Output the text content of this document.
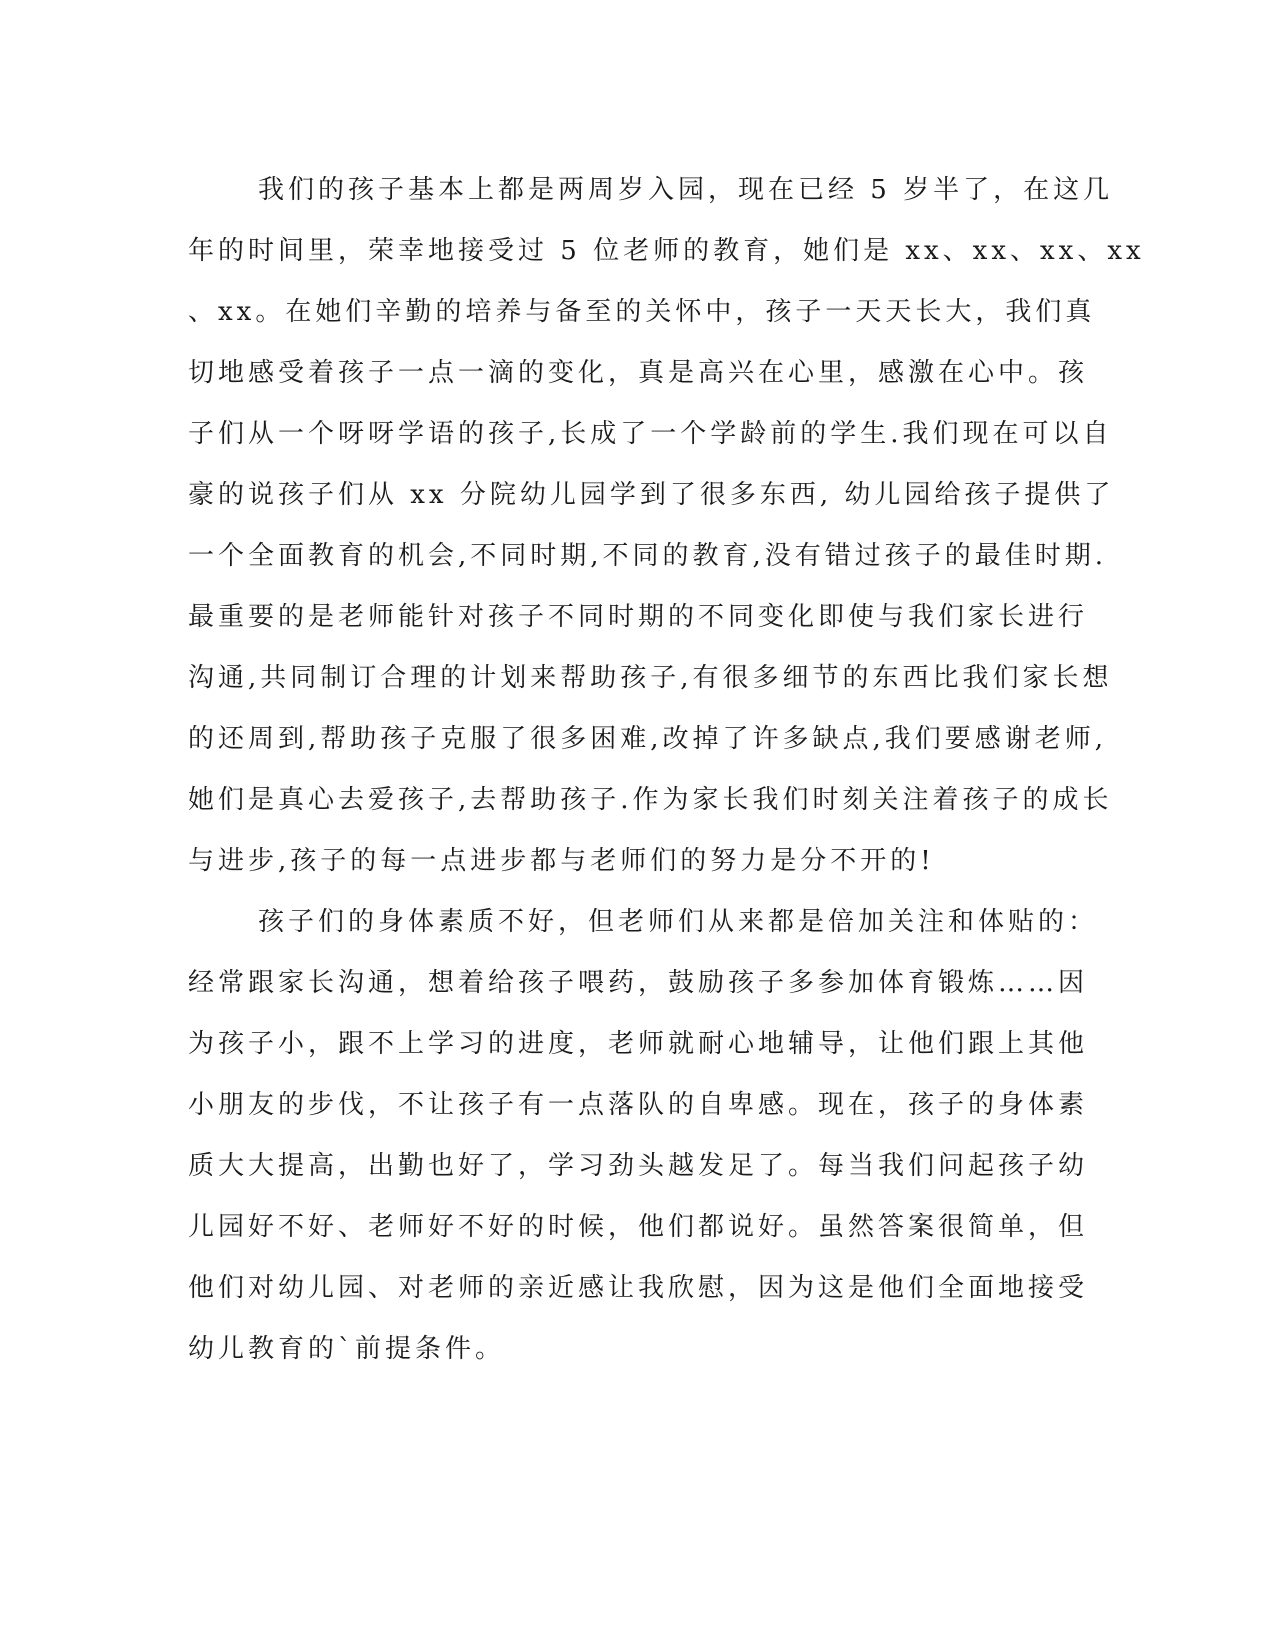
我们的孩子基本上都是两周岁入园，现在已经 5 岁半了，在这几
年的时间里，荣幸地接受过 5 位老师的教育，她们是 xx、xx、xx、xx
、xx。在她们辛勤的培养与备至的关怀中，孩子一天天长大，我们真
切地感受着孩子一点一滴的变化，真是高兴在心里，感激在心中。孩
子们从一个呀呀学语的孩子,长成了一个学龄前的学生.我们现在可以自
豪的说孩子们从 xx 分院幼儿园学到了很多东西, 幼儿园给孩子提供了
一个全面教育的机会,不同时期,不同的教育,没有错过孩子的最佳时期.
最重要的是老师能针对孩子不同时期的不同变化即使与我们家长进行
沟通,共同制订合理的计划来帮助孩子,有很多细节的东西比我们家长想
的还周到,帮助孩子克服了很多困难,改掉了许多缺点,我们要感谢老师,
她们是真心去爱孩子,去帮助孩子.作为家长我们时刻关注着孩子的成长
与进步,孩子的每一点进步都与老师们的努力是分不开的!
孩子们的身体素质不好，但老师们从来都是倍加关注和体贴的：
经常跟家长沟通，想着给孩子喂药，鼓励孩子多参加体育锻炼……因
为孩子小，跟不上学习的进度，老师就耐心地辅导，让他们跟上其他
小朋友的步伐，不让孩子有一点落队的自卑感。现在，孩子的身体素
质大大提高，出勤也好了，学习劲头越发足了。每当我们问起孩子幼
儿园好不好、老师好不好的时候，他们都说好。虽然答案很简单，但
他们对幼儿园、对老师的亲近感让我欣慰，因为这是他们全面地接受
幼儿教育的`前提条件。
